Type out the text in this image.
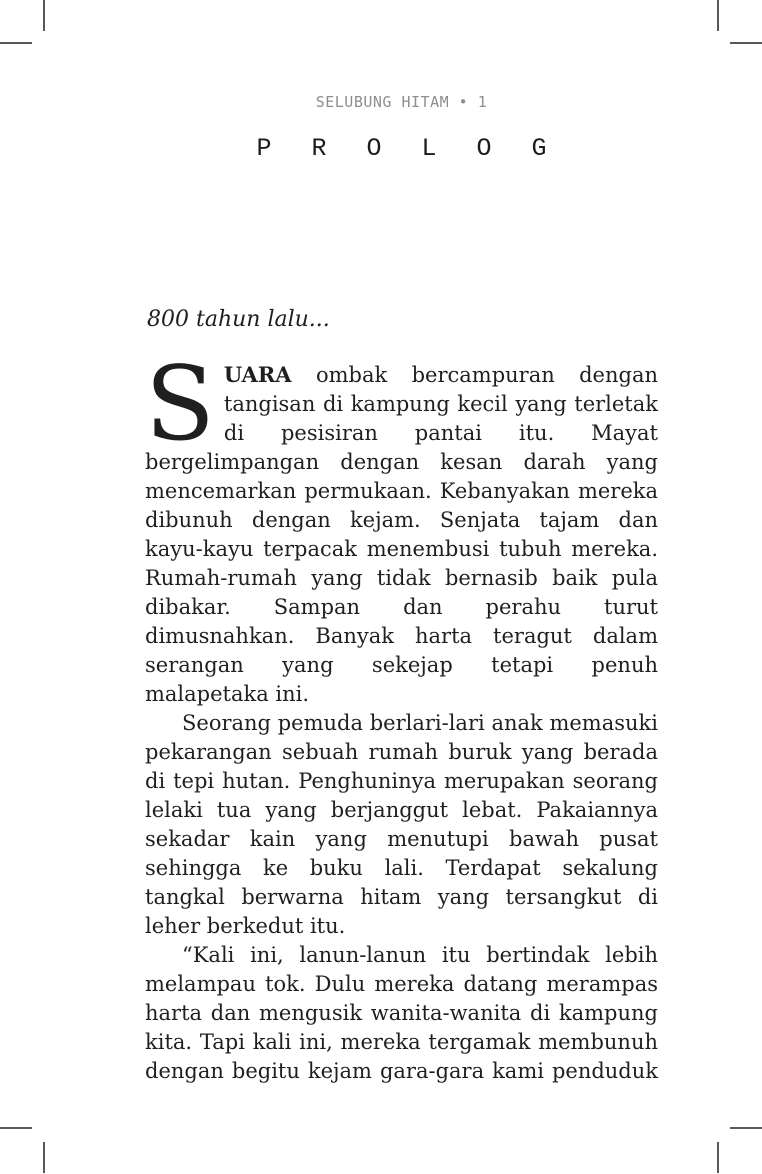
SELUBUNG HITAM • 1
PROLOG
800 tahun lalu...

SUARA ombak bercampuran dengan tangisan di kampung kecil yang terletak di pesisiran pantai itu. Mayat bergelimpangan dengan kesan darah yang mencemarkan permukaan. Kebanyakan mereka dibunuh dengan kejam. Senjata tajam dan kayu-kayu terpacak menembusi tubuh mereka. Rumah-rumah yang tidak bernasib baik pula dibakar. Sampan dan perahu turut dimusnahkan. Banyak harta teragut dalam serangan yang sekejap tetapi penuh malapetaka ini.

Seorang pemuda berlari-lari anak memasuki pekarangan sebuah rumah buruk yang berada di tepi hutan. Penghuninya merupakan seorang lelaki tua yang berjanggut lebat. Pakaiannya sekadar kain yang menutupi bawah pusat sehingga ke buku lali. Terdapat sekalung tangkal berwarna hitam yang tersangkut di leher berkedut itu.

“Kali ini, lanun-lanun itu bertindak lebih melampau tok. Dulu mereka datang merampas harta dan mengusik wanita-wanita di kampung kita. Tapi kali ini, mereka tergamak membunuh dengan begitu kejam gara-gara kami penduduk
